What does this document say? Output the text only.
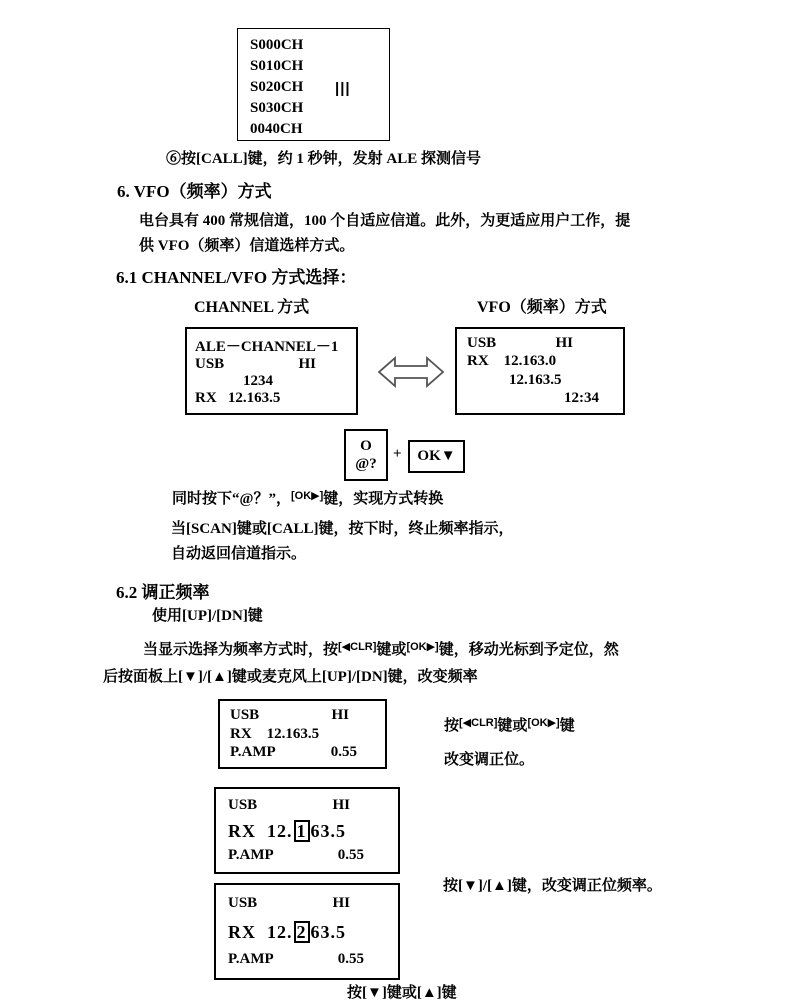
S000CH
S010CH
S020CH
S030CH
0040CH
|||
⑥按[CALL]键，约 1 秒钟，发射 ALE 探测信号
6. VFO（频率）方式
电台具有 400 常规信道，100 个自适应信道。此外，为更适应用户工作，提
供 VFO（频率）信道选样方式。
6.1 CHANNEL/VFO 方式选择：
CHANNEL 方式	VFO（频率）方式
ALE－CHANNEL－1
USB	HI
1234
RX   12.163.5
USB	HI
RX    12.163.0
12.163.5
12:34
O
@?
+ OK▼
同时按下“@？”，[OK▶]键，实现方式转换
当[SCAN]键或[CALL]键，按下时，终止频率指示，
自动返回信道指示。
6.2 调正频率
使用[UP]/[DN]键
当显示选择为频率方式时，按[◀CLR]键或[OK▶]键，移动光标到予定位，然
后按面板上[▼]/[▲]键或麦克风上[UP]/[DN]键，改变频率
USB	HI
RX    12.163.5
P.AMP	0.55
按[◀CLR]键或[OK▶]键
改变调正位。
USB	HI
RX  12. 1 63.5
P.AMP	0.55
按[▼]/[▲]键，改变调正位频率。
USB	HI
RX  12. 2 63.5
P.AMP	0.55
按[▼]键或[▲]键
